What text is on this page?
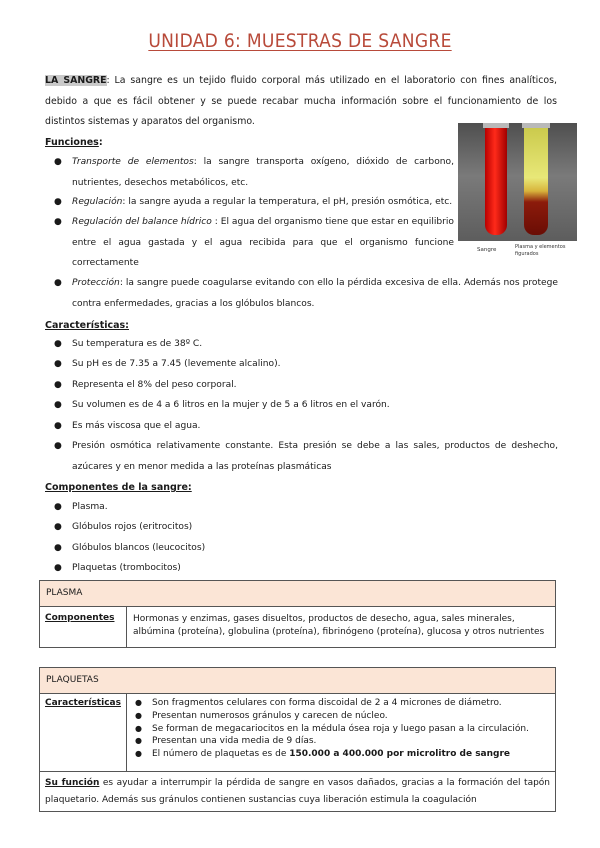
UNIDAD 6: MUESTRAS DE SANGRE
LA SANGRE: La sangre es un tejido fluido corporal más utilizado en el laboratorio con fines analíticos, debido a que es fácil obtener y se puede recabar mucha información sobre el funcionamiento de los distintos sistemas y aparatos del organismo.
Funciones:
● Transporte de elementos: la sangre transporta oxígeno, dióxido de carbono, nutrientes, desechos metabólicos, etc.
● Regulación: la sangre ayuda a regular la temperatura, el pH, presión osmótica, etc.
● Regulación del balance hídrico : El agua del organismo tiene que estar en equilibrio entre el agua gastada y el agua recibida para que el organismo funcione correctamente
● Protección: la sangre puede coagularse evitando con ello la pérdida excesiva de ella. Además nos protege contra enfermedades, gracias a los glóbulos blancos.
Sangre	Plasma y elementos figurados
Características:
● Su temperatura es de 38º C.
● Su pH es de 7.35 a 7.45 (levemente alcalino).
● Representa el 8% del peso corporal.
● Su volumen es de 4 a 6 litros en la mujer y de 5 a 6 litros en el varón.
● Es más viscosa que el agua.
● Presión osmótica relativamente constante. Esta presión se debe a las sales, productos de deshecho, azúcares y en menor medida a las proteínas plasmáticas
Componentes de la sangre:
● Plasma.
● Glóbulos rojos (eritrocitos)
● Glóbulos blancos (leucocitos)
● Plaquetas (trombocitos)
PLASMA
Componentes	Hormonas y enzimas, gases disueltos, productos de desecho, agua, sales minerales, albúmina (proteína), globulina (proteína), fibrinógeno (proteína), glucosa y otros nutrientes
PLAQUETAS
Características	● Son fragmentos celulares con forma discoidal de 2 a 4 micrones de diámetro.
● Presentan numerosos gránulos y carecen de núcleo.
● Se forman de megacariocitos en la médula ósea roja y luego pasan a la circulación.
● Presentan una vida media de 9 días.
● El número de plaquetas es de 150.000 a 400.000 por microlitro de sangre
Su función es ayudar a interrumpir la pérdida de sangre en vasos dañados, gracias a la formación del tapón plaquetario. Además sus gránulos contienen sustancias cuya liberación estimula la coagulación
